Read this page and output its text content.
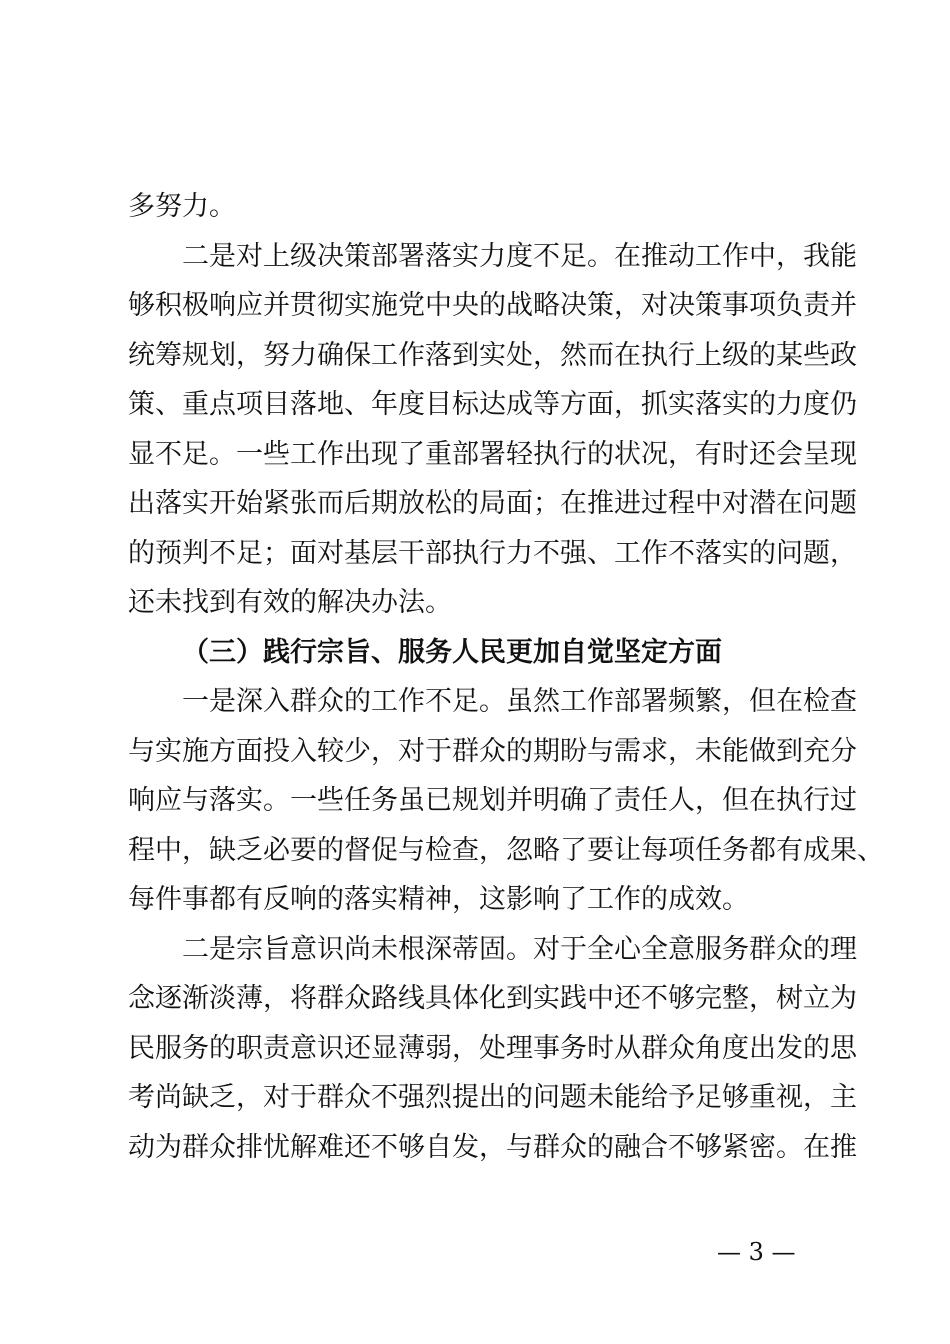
多努力。
二是对上级决策部署落实力度不足。在推动工作中，我能
够积极响应并贯彻实施党中央的战略决策，对决策事项负责并
统筹规划，努力确保工作落到实处，然而在执行上级的某些政
策、重点项目落地、年度目标达成等方面，抓实落实的力度仍
显不足。一些工作出现了重部署轻执行的状况，有时还会呈现
出落实开始紧张而后期放松的局面；在推进过程中对潜在问题
的预判不足；面对基层干部执行力不强、工作不落实的问题，
还未找到有效的解决办法。
（三）践行宗旨、服务人民更加自觉坚定方面
一是深入群众的工作不足。虽然工作部署频繁，但在检查
与实施方面投入较少，对于群众的期盼与需求，未能做到充分
响应与落实。一些任务虽已规划并明确了责任人，但在执行过
程中，缺乏必要的督促与检查，忽略了要让每项任务都有成果、
每件事都有反响的落实精神，这影响了工作的成效。
二是宗旨意识尚未根深蒂固。对于全心全意服务群众的理
念逐渐淡薄，将群众路线具体化到实践中还不够完整，树立为
民服务的职责意识还显薄弱，处理事务时从群众角度出发的思
考尚缺乏，对于群众不强烈提出的问题未能给予足够重视，主
动为群众排忧解难还不够自发，与群众的融合不够紧密。在推
— 3 —
